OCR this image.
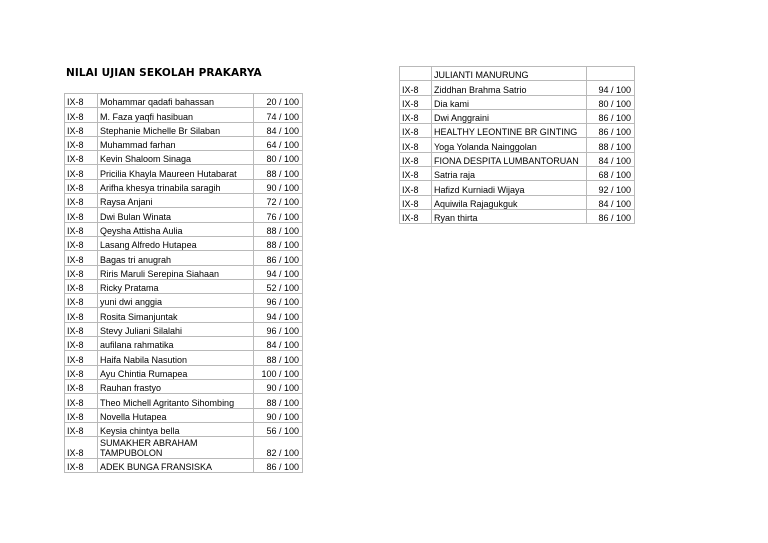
NILAI UJIAN SEKOLAH PRAKARYA
IX-8	Mohammar qadafi bahassan	20 / 100
IX-8	M. Faza yaqfi hasibuan	74 / 100
IX-8	Stephanie Michelle Br Silaban	84 / 100
IX-8	Muhammad farhan	64 / 100
IX-8	Kevin Shaloom Sinaga	80 / 100
IX-8	Pricilia Khayla Maureen Hutabarat	88 / 100
IX-8	Arifha khesya trinabila saragih	90 / 100
IX-8	Raysa Anjani	72 / 100
IX-8	Dwi Bulan Winata	76 / 100
IX-8	Qeysha Attisha Aulia	88 / 100
IX-8	Lasang Alfredo Hutapea	88 / 100
IX-8	Bagas tri anugrah	86 / 100
IX-8	Riris Maruli Serepina Siahaan	94 / 100
IX-8	Ricky Pratama	52 / 100
IX-8	yuni dwi anggia	96 / 100
IX-8	Rosita Simanjuntak	94 / 100
IX-8	Stevy Juliani Silalahi	96 / 100
IX-8	aufilana rahmatika	84 / 100
IX-8	Haifa Nabila Nasution	88 / 100
IX-8	Ayu Chintia Rumapea	100 / 100
IX-8	Rauhan frastyo	90 / 100
IX-8	Theo Michell Agritanto Sihombing	88 / 100
IX-8	Novella Hutapea	90 / 100
IX-8	Keysia chintya bella	56 / 100
IX-8	SUMAKHER ABRAHAM TAMPUBOLON	82 / 100
IX-8	ADEK BUNGA FRANSISKA	86 / 100
	JULIANTI MANURUNG	
IX-8	Ziddhan Brahma Satrio	94 / 100
IX-8	Dia kami	80 / 100
IX-8	Dwi Anggraini	86 / 100
IX-8	HEALTHY LEONTINE BR GINTING	86 / 100
IX-8	Yoga Yolanda Nainggolan	88 / 100
IX-8	FIONA DESPITA LUMBANTORUAN	84 / 100
IX-8	Satria raja	68 / 100
IX-8	Hafizd Kurniadi Wijaya	92 / 100
IX-8	Aquiwila Rajagukguk	84 / 100
IX-8	Ryan thirta	86 / 100
